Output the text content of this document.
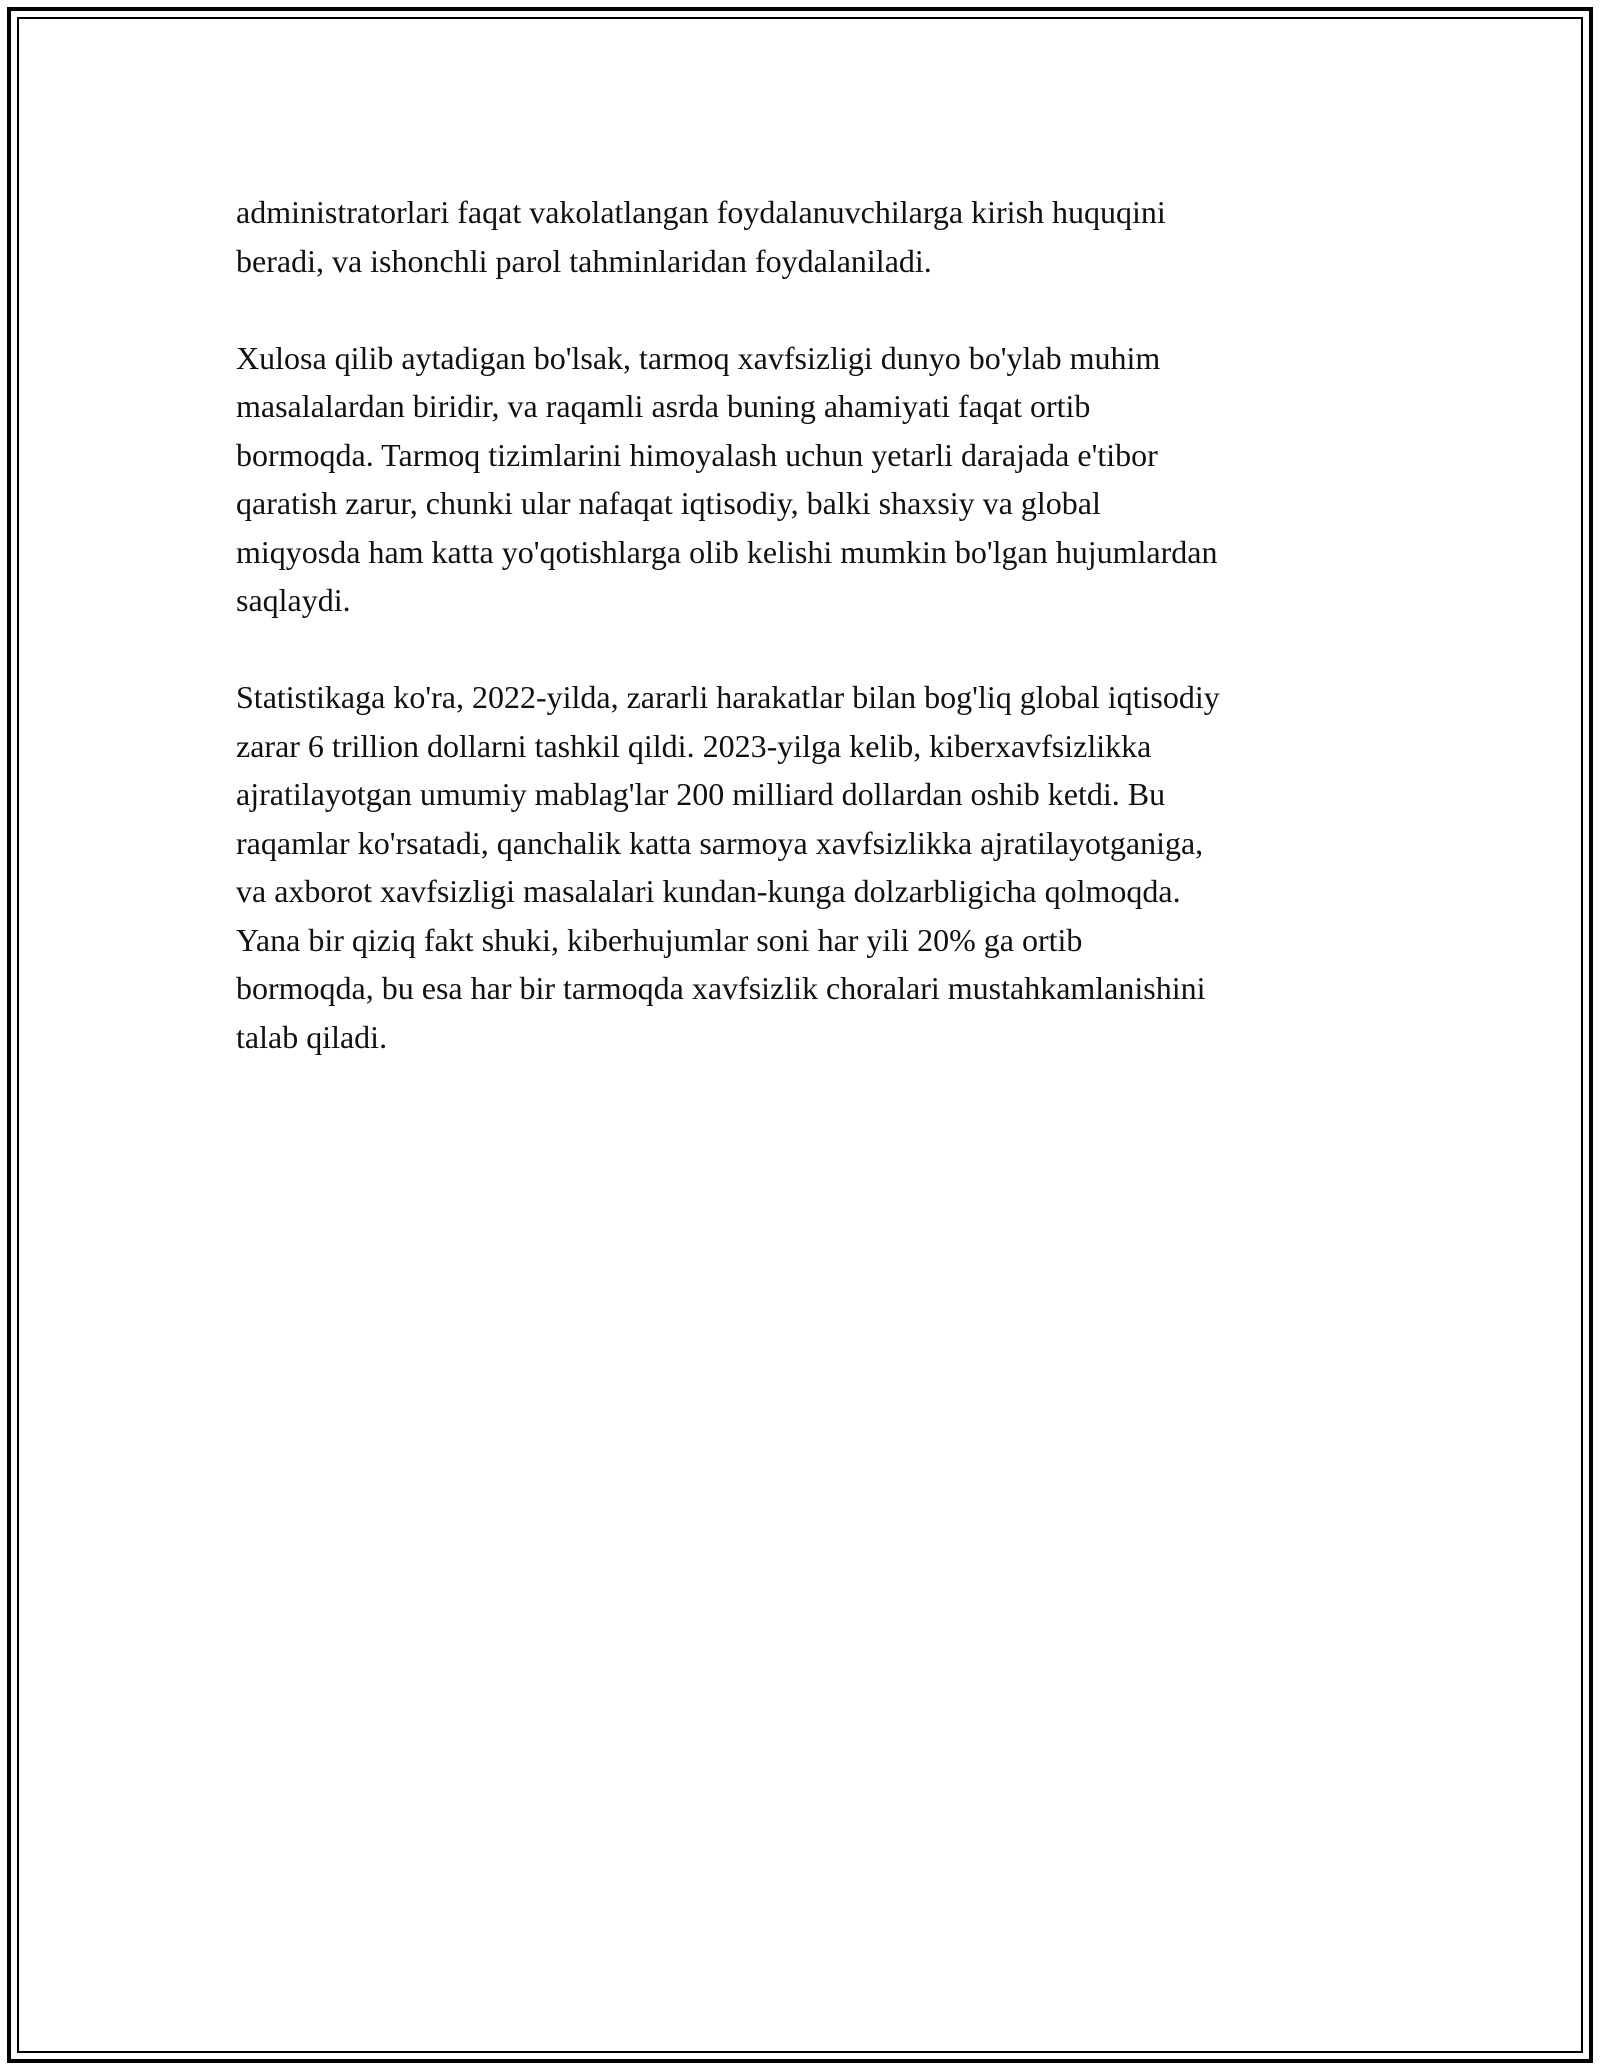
administratorlari faqat vakolatlangan foydalanuvchilarga kirish huquqini
beradi, va ishonchli parol tahminlaridan foydalaniladi.

Xulosa qilib aytadigan bo'lsak, tarmoq xavfsizligi dunyo bo'ylab muhim
masalalardan biridir, va raqamli asrda buning ahamiyati faqat ortib
bormoqda. Tarmoq tizimlarini himoyalash uchun yetarli darajada e'tibor
qaratish zarur, chunki ular nafaqat iqtisodiy, balki shaxsiy va global
miqyosda ham katta yo'qotishlarga olib kelishi mumkin bo'lgan hujumlardan
saqlaydi.

Statistikaga ko'ra, 2022-yilda, zararli harakatlar bilan bog'liq global iqtisodiy
zarar 6 trillion dollarni tashkil qildi. 2023-yilga kelib, kiberxavfsizlikka
ajratilayotgan umumiy mablag'lar 200 milliard dollardan oshib ketdi. Bu
raqamlar ko'rsatadi, qanchalik katta sarmoya xavfsizlikka ajratilayotganiga,
va axborot xavfsizligi masalalari kundan-kunga dolzarbligicha qolmoqda.
Yana bir qiziq fakt shuki, kiberhujumlar soni har yili 20% ga ortib
bormoqda, bu esa har bir tarmoqda xavfsizlik choralari mustahkamlanishini
talab qiladi.
